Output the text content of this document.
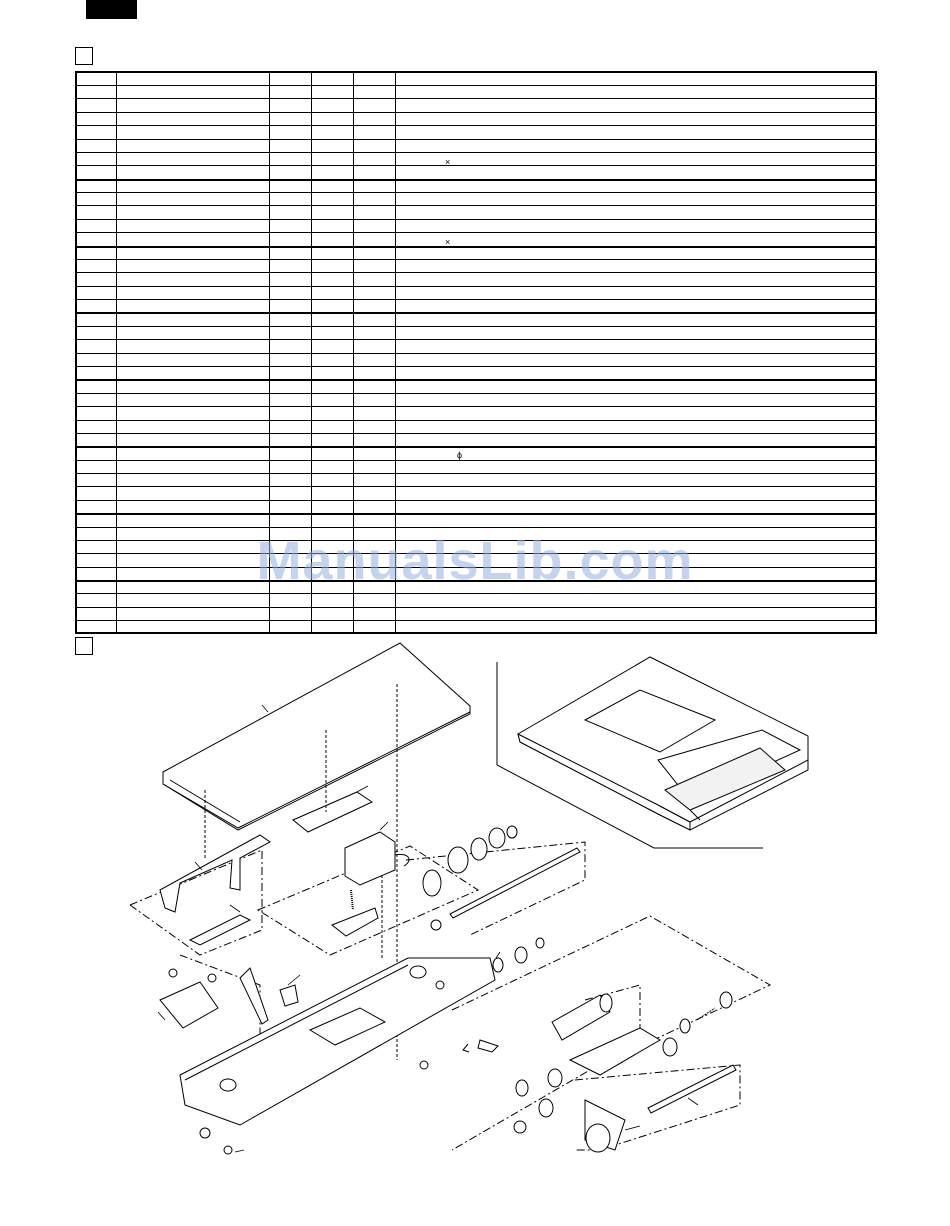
×
×
ϕ
ManualsLib.com
